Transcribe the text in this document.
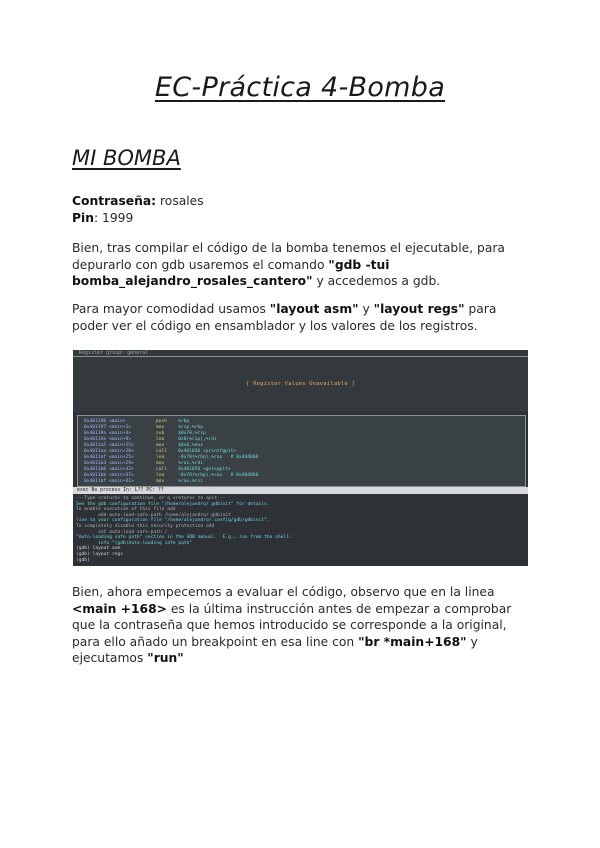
EC-Práctica 4-Bomba
MI BOMBA

Contraseña: rosales
Pin: 1999

Bien, tras compilar el código de la bomba tenemos el ejecutable, para depurarlo con gdb usaremos el comando "gdb -tui bomba_alejandro_rosales_cantero" y accedemos a gdb.

Para mayor comodidad usamos "layout asm" y "layout regs" para poder ver el código en ensamblador y los valores de los registros.

Register group: general
[ Register Values Unavailable ]
0x401196 <main>           push    %rbp
0x401197 <main+1>         mov     %rsp,%rbp
0x40119a <main+4>         sub     $0x70,%rsp
0x40119e <main+8>         lea     0x0(%rip),%rdi
0x4011a5 <main+15>        mov     $0x0,%eax
0x4011aa <main+20>        call    0x401030 <printf@plt>
0x4011af <main+25>        lea     -0x70(%rbp),%rax   # 0x404060
0x4011b3 <main+29>        mov     %rax,%rdi
0x4011b6 <main+32>        call    0x401050 <gets@plt>
0x4011bb <main+37>        lea     -0x70(%rbp),%rax   # 0x404060
0x4011bf <main+41>        mov     %rax,%rsi
exec No process In: L?? PC: ??
---Type <return> to continue, or q <return> to quit---
See the gdb configuration file "/home/alejandro/.gdbinit" for details.
To enable execution of this file add
add-auto-load-safe-path /home/alejandro/.gdbinit
line to your configuration file "/home/alejandro/.config/gdb/gdbinit".
To completely disable this security protection add
set auto-load safe-path /
"Auto-loading safe path" section in the GDB manual.  E.g., run from the shell:
info "(gdb)Auto-loading safe path"
(gdb) layout asm
(gdb) layout regs
(gdb)

Bien, ahora empecemos a evaluar el código, observo que en la linea <main +168> es la última instrucción antes de empezar a comprobar que la contraseña que hemos introducido se corresponde a la original, para ello añado un breakpoint en esa line con "br *main+168" y ejecutamos "run"
